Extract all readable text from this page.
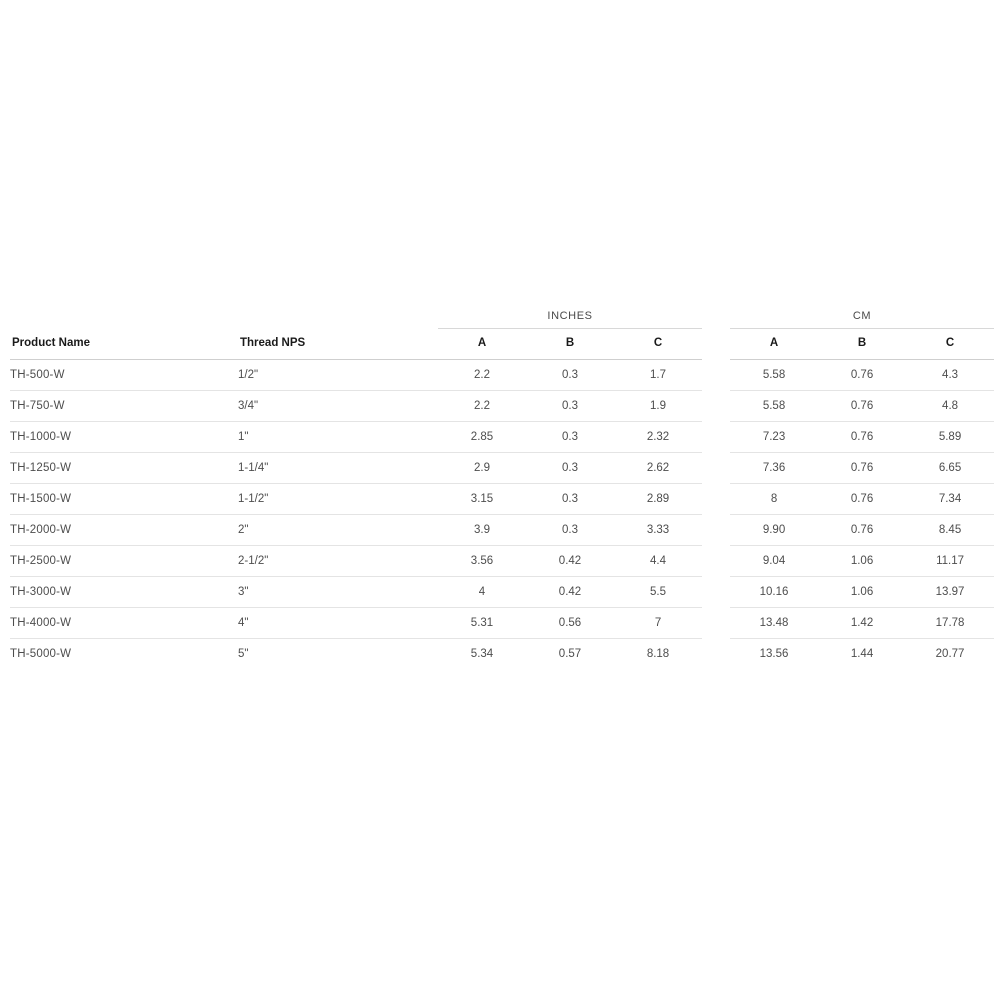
		INCHES				CM		
Product Name	Thread NPS	A	B	C		A	B	C
TH-500-W	1/2"	2.2	0.3	1.7		5.58	0.76	4.3
TH-750-W	3/4"	2.2	0.3	1.9		5.58	0.76	4.8
TH-1000-W	1"	2.85	0.3	2.32		7.23	0.76	5.89
TH-1250-W	1-1/4"	2.9	0.3	2.62		7.36	0.76	6.65
TH-1500-W	1-1/2"	3.15	0.3	2.89		8	0.76	7.34
TH-2000-W	2"	3.9	0.3	3.33		9.90	0.76	8.45
TH-2500-W	2-1/2"	3.56	0.42	4.4		9.04	1.06	11.17
TH-3000-W	3"	4	0.42	5.5		10.16	1.06	13.97
TH-4000-W	4"	5.31	0.56	7		13.48	1.42	17.78
TH-5000-W	5"	5.34	0.57	8.18		13.56	1.44	20.77
